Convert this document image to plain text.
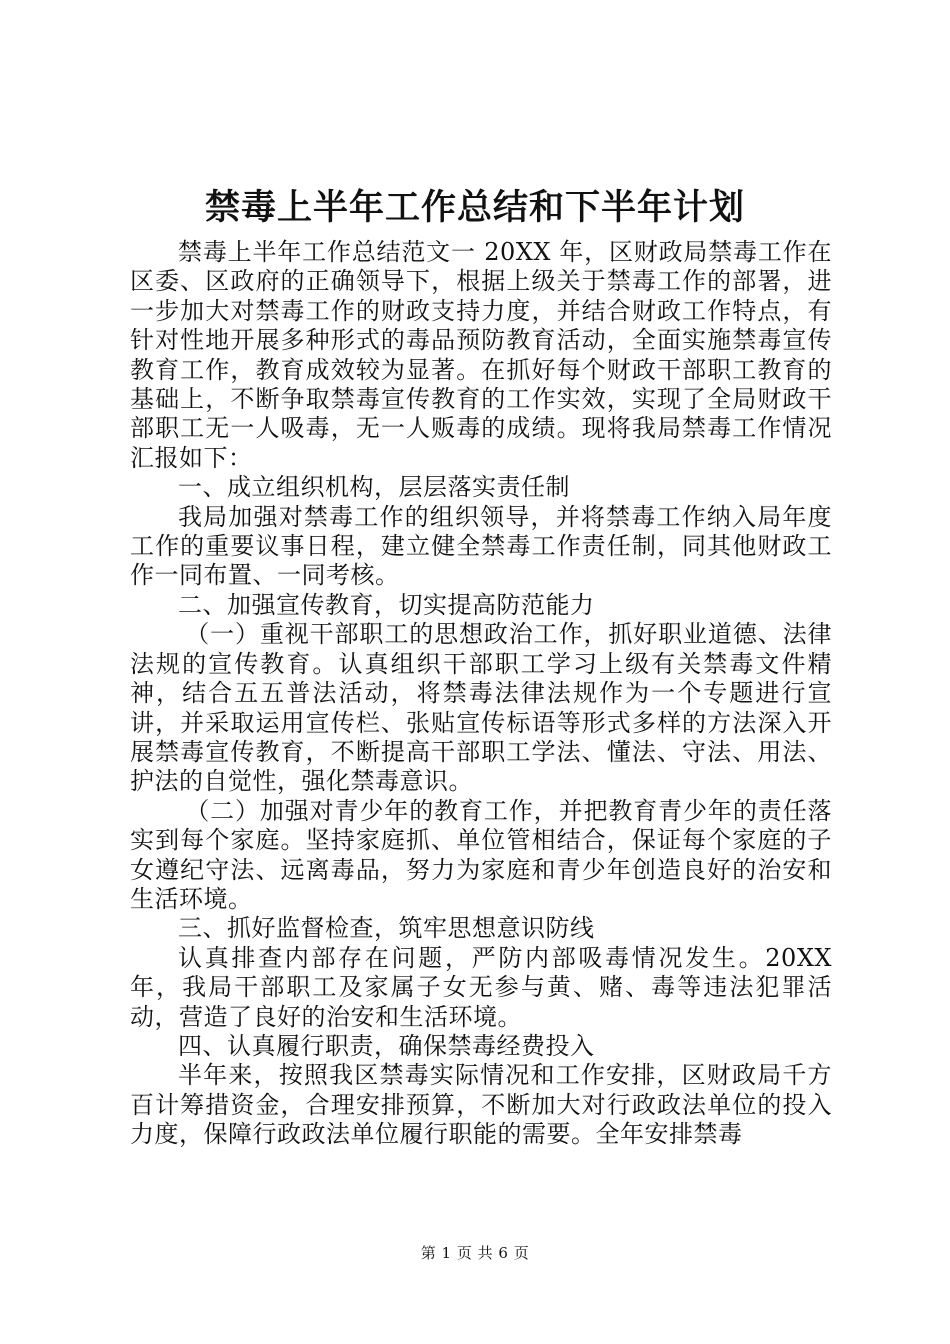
禁毒上半年工作总结和下半年计划

禁毒上半年工作总结范文一 20XX 年，区财政局禁毒工作在区委、区政府的正确领导下，根据上级关于禁毒工作的部署，进一步加大对禁毒工作的财政支持力度，并结合财政工作特点，有针对性地开展多种形式的毒品预防教育活动，全面实施禁毒宣传教育工作，教育成效较为显著。在抓好每个财政干部职工教育的基础上，不断争取禁毒宣传教育的工作实效，实现了全局财政干部职工无一人吸毒，无一人贩毒的成绩。现将我局禁毒工作情况汇报如下：

一、成立组织机构，层层落实责任制

我局加强对禁毒工作的组织领导，并将禁毒工作纳入局年度工作的重要议事日程，建立健全禁毒工作责任制，同其他财政工作一同布置、一同考核。

二、加强宣传教育，切实提高防范能力

（一）重视干部职工的思想政治工作，抓好职业道德、法律法规的宣传教育。认真组织干部职工学习上级有关禁毒文件精神，结合五五普法活动，将禁毒法律法规作为一个专题进行宣讲，并采取运用宣传栏、张贴宣传标语等形式多样的方法深入开展禁毒宣传教育，不断提高干部职工学法、懂法、守法、用法、护法的自觉性，强化禁毒意识。

（二）加强对青少年的教育工作，并把教育青少年的责任落实到每个家庭。坚持家庭抓、单位管相结合，保证每个家庭的子女遵纪守法、远离毒品，努力为家庭和青少年创造良好的治安和生活环境。

三、抓好监督检查，筑牢思想意识防线

认真排查内部存在问题，严防内部吸毒情况发生。20XX 年，我局干部职工及家属子女无参与黄、赌、毒等违法犯罪活动，营造了良好的治安和生活环境。

四、认真履行职责，确保禁毒经费投入

半年来，按照我区禁毒实际情况和工作安排，区财政局千方百计筹措资金，合理安排预算，不断加大对行政政法单位的投入力度，保障行政政法单位履行职能的需要。全年安排禁毒

第 1 页 共 6 页
